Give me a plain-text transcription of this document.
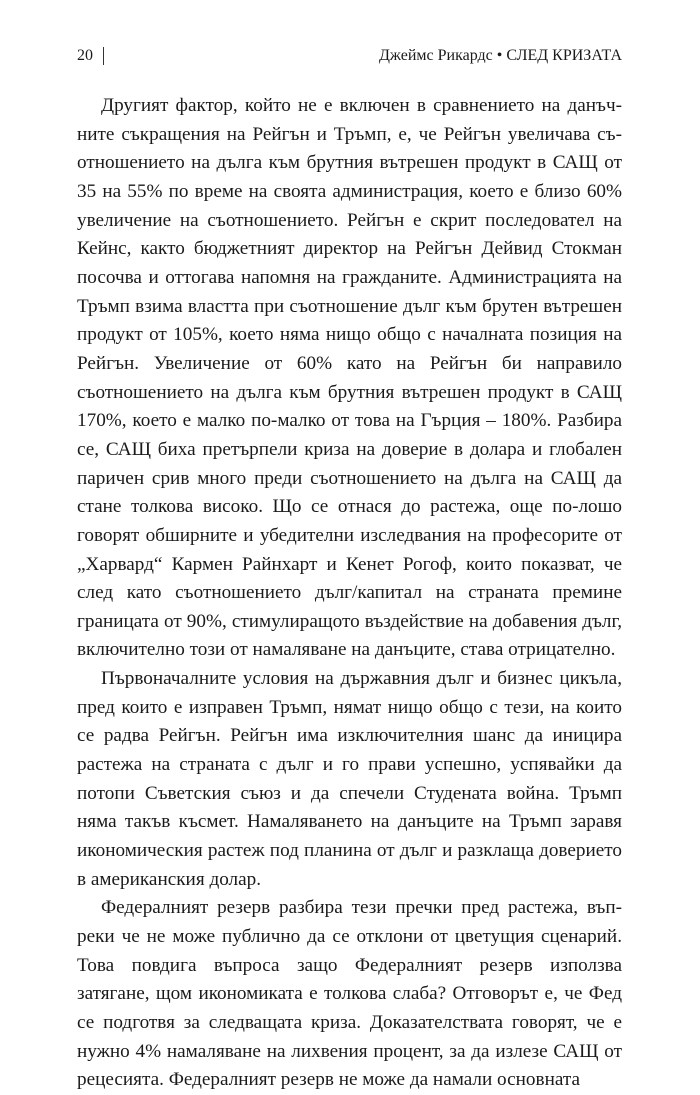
20	Джеймс Рикардс • СЛЕД КРИЗАТА

Другият фактор, който не е включен в сравнението на данъчните съкращения на Рейгън и Тръмп, е, че Рейгън увеличава съотношението на дълга към брутния вътрешен продукт в САЩ от 35 на 55% по време на своята администрация, което е близо 60% увеличение на съотношението. Рейгън е скрит последовател на Кейнс, както бюджетният директор на Рейгън Дейвид Стокман посочва и оттогава напомня на гражданите. Администрацията на Тръмп взима властта при съотношение дълг към брутен вътрешен продукт от 105%, което няма нищо общо с началната позиция на Рейгън. Увеличение от 60% като на Рейгън би направило съотношението на дълга към брутния вътрешен продукт в САЩ 170%, което е малко по-малко от това на Гърция – 180%. Разбира се, САЩ биха претърпели криза на доверие в долара и глобален паричен срив много преди съотношението на дълга на САЩ да стане толкова високо. Що се отнася до растежа, още по-лошо говорят обширните и убедителни изследвания на професорите от „Харвард“ Кармен Райнхарт и Кенет Рогоф, които показват, че след като съотношението дълг/капитал на страната премине границата от 90%, стимулиращото въздействие на добавения дълг, включително този от намаляване на данъците, става отрицателно.

Първоначалните условия на държавния дълг и бизнес цикъла, пред които е изправен Тръмп, нямат нищо общо с тези, на които се радва Рейгън. Рейгън има изключителния шанс да иницира растежа на страната с дълг и го прави успешно, успявайки да потопи Съветския съюз и да спечели Студената война. Тръмп няма такъв късмет. Намаляването на данъците на Тръмп заравя икономическия растеж под планина от дълг и разклаща доверието в американския долар.

Федералният резерв разбира тези пречки пред растежа, въпреки че не може публично да се отклони от цветущия сценарий. Това повдига въпроса защо Федералният резерв използва затягане, щом икономиката е толкова слаба? Отговорът е, че Фед се подготвя за следващата криза. Доказателствата говорят, че е нужно 4% намаляване на лихвения процент, за да излезе САЩ от рецесията. Федералният резерв не може да намали основната
